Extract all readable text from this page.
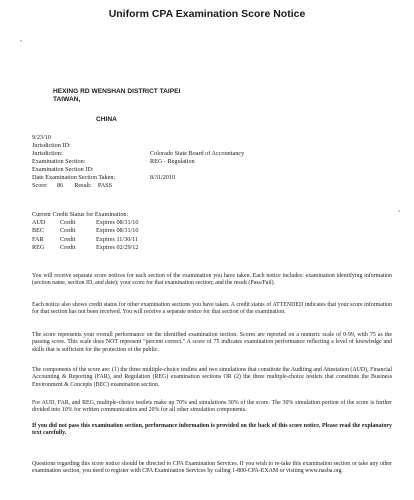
Uniform CPA Examination Score Notice
HEXING RD WENSHAN DISTRICT TAIPEI
TAIWAN,
CHINA
9/23/10
Jurisdiction ID:
Jurisdiction:	Colorado State Board of Accountancy
Examination Section:	REG - Regulation
Examination Section ID:
Date Examination Section Taken:	8/31/2010
Score: 86 Result: PASS
Current Credit Status for Examination:
AUD	Credit	Expires 08/31/10
BEC	Credit	Expires 08/31/10
FAR	Credit	Expires 11/30/11
REG	Credit	Expires 02/29/12
You will receive separate score notices for each section of the examination you have taken. Each notice includes: examination identifying information (section name, section ID, and date); your score for that examination section; and the result (Pass/Fail).
Each notice also shows credit status for other examination sections you have taken. A credit status of ATTENDED indicates that your score information for that section has not been received. You will receive a separate notice for that section of the examination.
The score represents your overall performance on the identified examination section. Scores are reported on a numeric scale of 0-99, with 75 as the passing score. This scale does NOT represent "percent correct." A score of 75 indicates examination performance reflecting a level of knowledge and skills that is sufficient for the protection of the public.
The components of the score are: (1) the three multiple-choice testlets and two simulations that constitute the Auditing and Attestation (AUD), Financial Accounting & Reporting (FAR), and Regulation (REG) examination sections OR (2) the three multiple-choice testlets that constitute the Business Environment & Concepts (BEC) examination section.
For AUD, FAR, and REG, multiple-choice testlets make up 70% and simulations 30% of the score. The 30% simulation portion of the score is further divided into 10% for written communication and 20% for all other simulation components.
If you did not pass this examination section, performance information is provided on the back of this score notice. Please read the explanatory text carefully.
Questions regarding this score notice should be directed to CPA Examination Services. If you wish to re-take this examination section or take any other examination section, you need to register with CPA Examination Services by calling 1-800-CPA-EXAM or visiting www.nasba.org.
